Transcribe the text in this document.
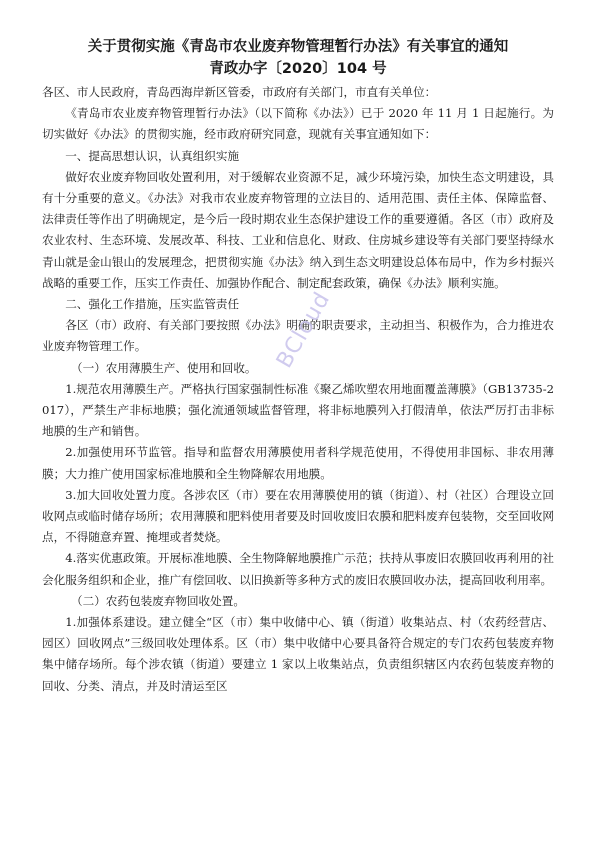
关于贯彻实施《青岛市农业废弃物管理暂行办法》有关事宜的通知
青政办字〔2020〕104 号

各区、市人民政府，青岛西海岸新区管委，市政府有关部门，市直有关单位：

《青岛市农业废弃物管理暂行办法》（以下简称《办法》）已于 2020 年 11 月 1 日起施行。为切实做好《办法》的贯彻实施，经市政府研究同意，现就有关事宜通知如下：

一、提高思想认识，认真组织实施

做好农业废弃物回收处置利用，对于缓解农业资源不足，减少环境污染，加快生态文明建设，具有十分重要的意义。《办法》对我市农业废弃物管理的立法目的、适用范围、责任主体、保障监督、法律责任等作出了明确规定，是今后一段时期农业生态保护建设工作的重要遵循。各区（市）政府及农业农村、生态环境、发展改革、科技、工业和信息化、财政、住房城乡建设等有关部门要坚持绿水青山就是金山银山的发展理念，把贯彻实施《办法》纳入到生态文明建设总体布局中，作为乡村振兴战略的重要工作，压实工作责任、加强协作配合、制定配套政策，确保《办法》顺利实施。

二、强化工作措施，压实监管责任

各区（市）政府、有关部门要按照《办法》明确的职责要求，主动担当、积极作为，合力推进农业废弃物管理工作。

（一）农用薄膜生产、使用和回收。

1.规范农用薄膜生产。严格执行国家强制性标准《聚乙烯吹塑农用地面覆盖薄膜》（GB13735-2017），严禁生产非标地膜；强化流通领域监督管理，将非标地膜列入打假清单，依法严厉打击非标地膜的生产和销售。

2.加强使用环节监管。指导和监督农用薄膜使用者科学规范使用，不得使用非国标、非农用薄膜；大力推广使用国家标准地膜和全生物降解农用地膜。

3.加大回收处置力度。各涉农区（市）要在农用薄膜使用的镇（街道）、村（社区）合理设立回收网点或临时储存场所；农用薄膜和肥料使用者要及时回收废旧农膜和肥料废弃包装物，交至回收网点，不得随意弃置、掩埋或者焚烧。

4.落实优惠政策。开展标准地膜、全生物降解地膜推广示范；扶持从事废旧农膜回收再利用的社会化服务组织和企业，推广有偿回收、以旧换新等多种方式的废旧农膜回收办法，提高回收利用率。

（二）农药包装废弃物回收处置。

1.加强体系建设。建立健全“区（市）集中收储中心、镇（街道）收集站点、村（农药经营店、园区）回收网点”三级回收处理体系。区（市）集中收储中心要具备符合规定的专门农药包装废弃物集中储存场所。每个涉农镇（街道）要建立 1 家以上收集站点，负责组织辖区内农药包装废弃物的回收、分类、清点，并及时清运至区

BCloud
